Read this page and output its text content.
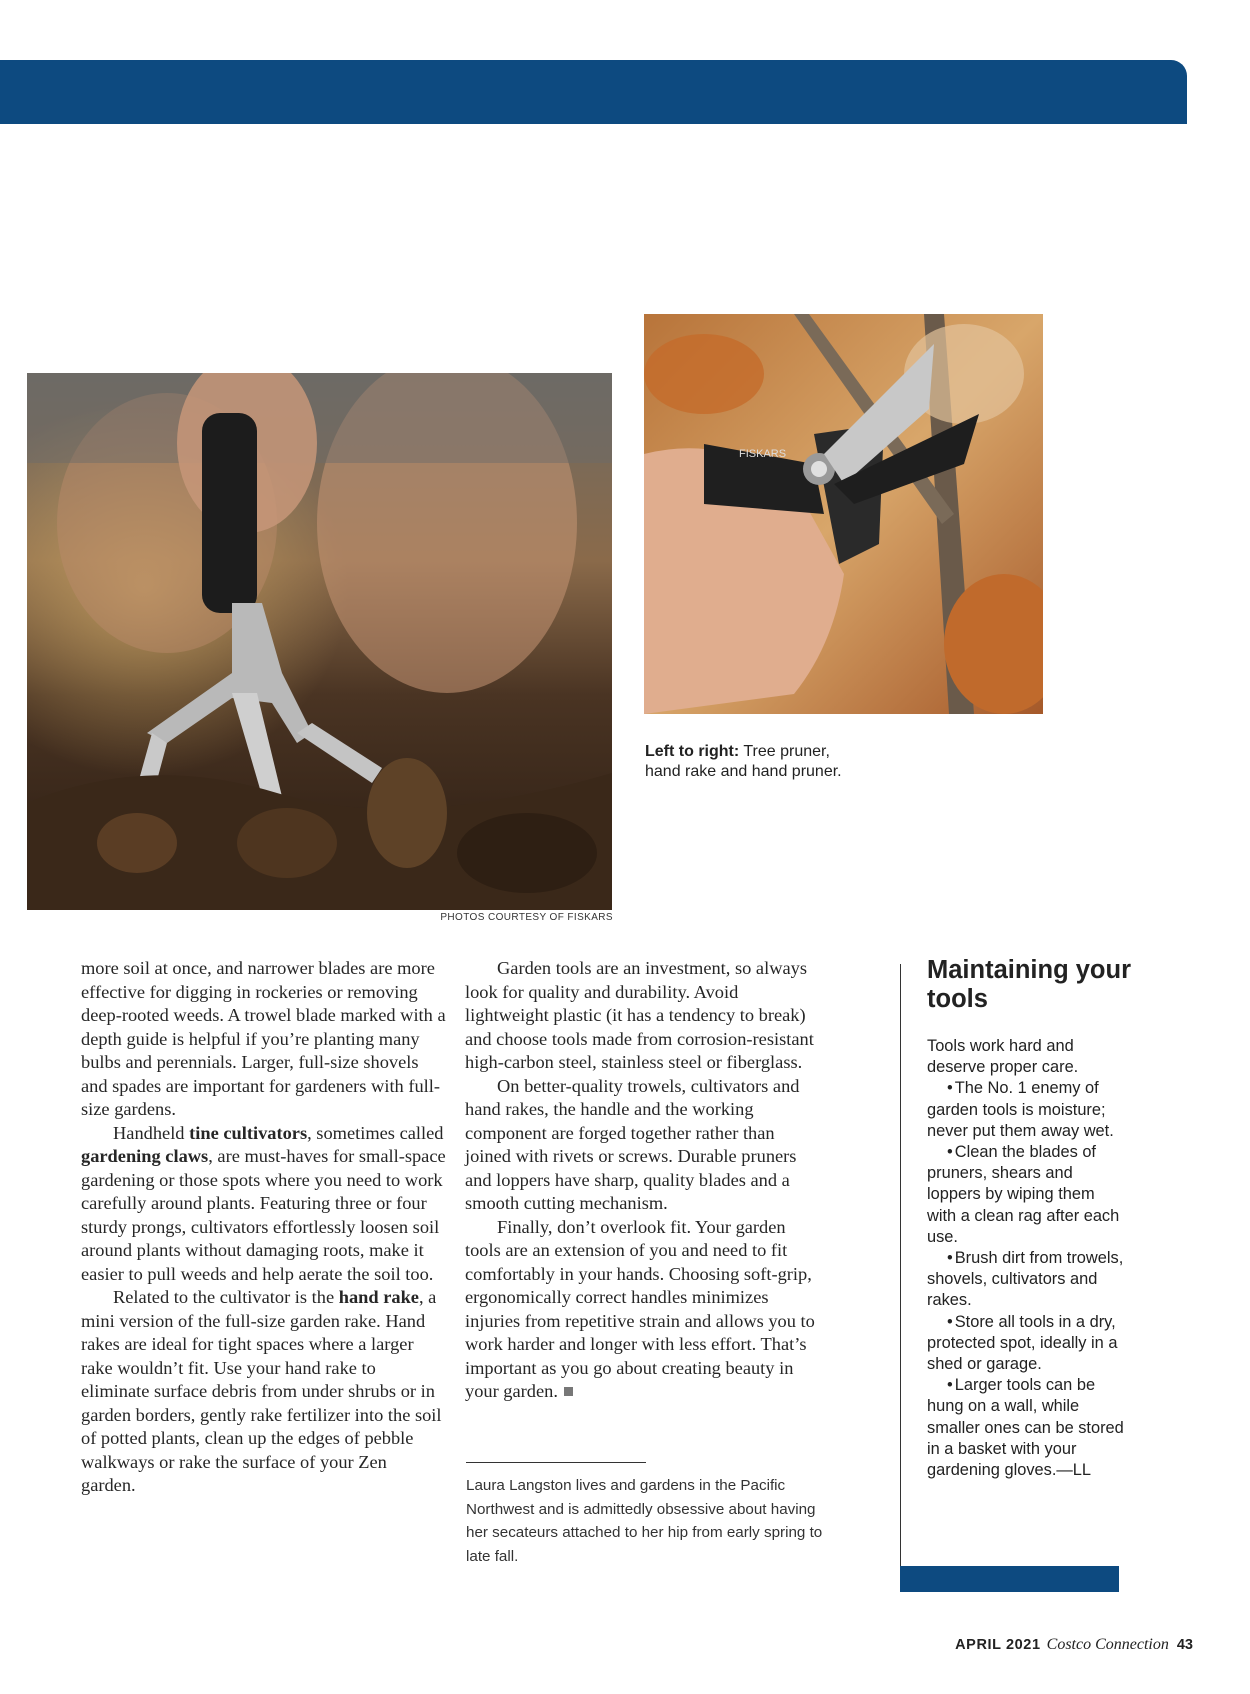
FISKARS
PHOTOS COURTESY OF FISKARS
Left to right: Tree pruner, hand rake and hand pruner.

more soil at once, and narrower blades are more effective for digging in rockeries or removing deep-rooted weeds. A trowel blade marked with a depth guide is helpful if you’re planting many bulbs and perennials. Larger, full-size shovels and spades are important for gardeners with full-size gardens.

Handheld tine cultivators, sometimes called gardening claws, are must-haves for small-space gardening or those spots where you need to work carefully around plants. Featuring three or four sturdy prongs, cultivators effortlessly loosen soil around plants without damaging roots, make it easier to pull weeds and help aerate the soil too.

Related to the cultivator is the hand rake, a mini version of the full-size garden rake. Hand rakes are ideal for tight spaces where a larger rake wouldn’t fit. Use your hand rake to eliminate surface debris from under shrubs or in garden borders, gently rake fertilizer into the soil of potted plants, clean up the edges of pebble walkways or rake the surface of your Zen garden.

Garden tools are an investment, so always look for quality and durability. Avoid lightweight plastic (it has a tendency to break) and choose tools made from corrosion-resistant high-carbon steel, stainless steel or fiberglass.

On better-quality trowels, cultivators and hand rakes, the handle and the working component are forged together rather than joined with rivets or screws. Durable pruners and loppers have sharp, quality blades and a smooth cutting mechanism.

Finally, don’t overlook fit. Your garden tools are an extension of you and need to fit comfortably in your hands. Choosing soft-grip, ergonomically correct handles minimizes injuries from repetitive strain and allows you to work harder and longer with less effort. That’s important as you go about creating beauty in your garden.

Laura Langston lives and gardens in the Pacific Northwest and is admittedly obsessive about having her secateurs attached to her hip from early spring to late fall.
Maintaining your tools

Tools work hard and deserve proper care.

• The No. 1 enemy of garden tools is moisture; never put them away wet.

• Clean the blades of pruners, shears and loppers by wiping them with a clean rag after each use.

• Brush dirt from trowels, shovels, cultivators and rakes.

• Store all tools in a dry, protected spot, ideally in a shed or garage.

• Larger tools can be hung on a wall, while smaller ones can be stored in a basket with your gardening gloves.—LL

APRIL 2021 Costco Connection 43
